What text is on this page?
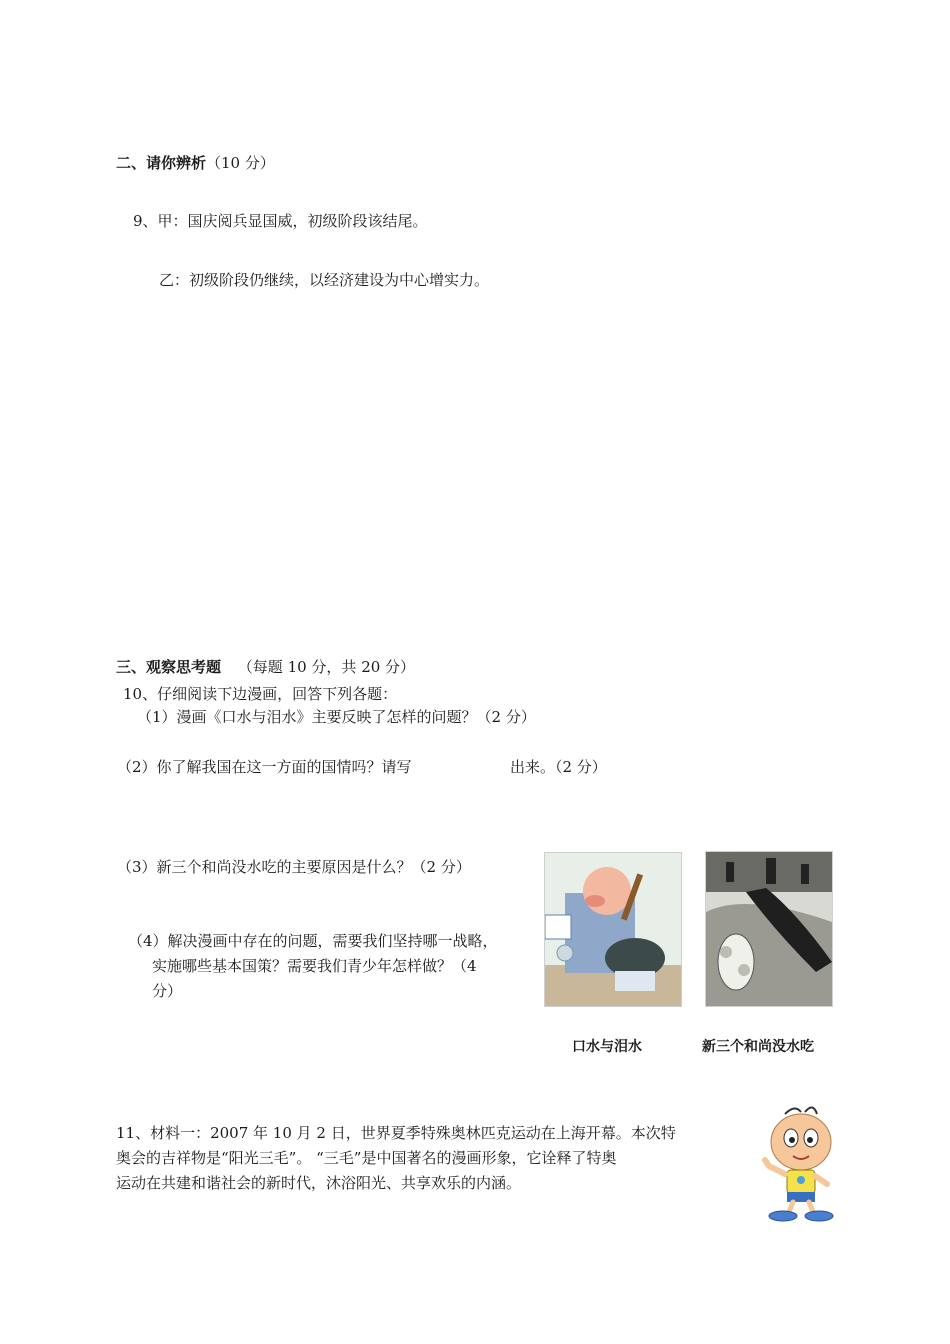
二、请你辨析（10 分）
9、甲：国庆阅兵显国威，初级阶段该结尾。
乙：初级阶段仍继续，以经济建设为中心增实力。
三、观察思考题 （每题 10 分，共 20 分）
10、仔细阅读下边漫画，回答下列各题：
（1）漫画《口水与泪水》主要反映了怎样的问题？（2 分）
（2）你了解我国在这一方面的国情吗？请写	出来。（2 分）
（3）新三个和尚没水吃的主要原因是什么？（2 分）
（4）解决漫画中存在的问题，需要我们坚持哪一战略，
实施哪些基本国策？需要我们青少年怎样做？（4
分）
口水与泪水	新三个和尚没水吃
11、材料一：2007 年 10 月 2 日，世界夏季特殊奥林匹克运动在上海开幕。本次特
奥会的吉祥物是“阳光三毛”。 “三毛”是中国著名的漫画形象，它诠释了特奥
运动在共建和谐社会的新时代，沐浴阳光、共享欢乐的内涵。
